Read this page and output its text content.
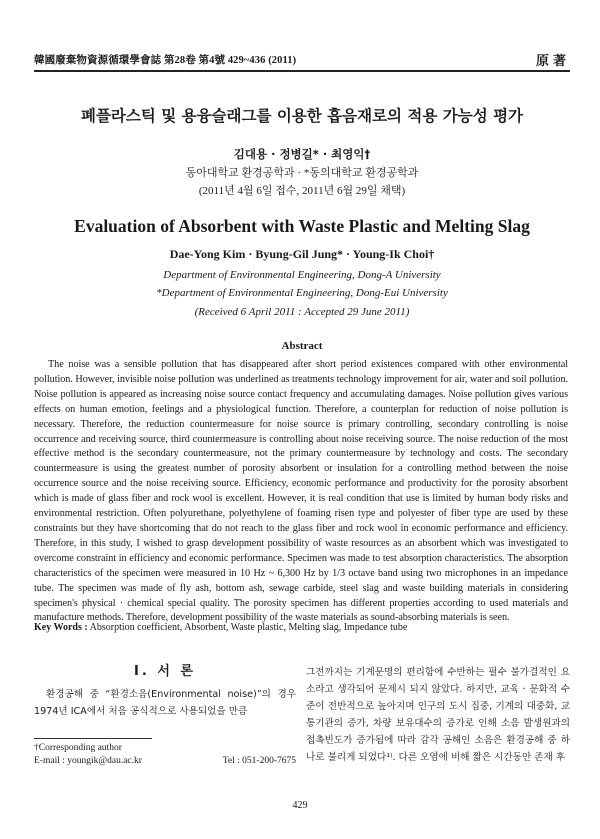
韓國廢棄物資源循環學會誌 第28卷 第4號 429~436 (2011)	原著
폐플라스틱 및 용융슬래그를 이용한 흡음재로의 적용 가능성 평가
김대용 · 정병길* · 최영익†
동아대학교 환경공학과 · *동의대학교 환경공학과
(2011년 4월 6일 접수, 2011년 6월 29일 채택)
Evaluation of Absorbent with Waste Plastic and Melting Slag
Dae-Yong Kim · Byung-Gil Jung* · Young-Ik Choi†
Department of Environmental Engineering, Dong-A University
*Department of Environmental Engineering, Dong-Eui University
(Received 6 April 2011 : Accepted 29 June 2011)
Abstract

The noise was a sensible pollution that has disappeared after short period existences compared with other environmental pollution. However, invisible noise pollution was underlined as treatments technology improvement for air, water and soil pollution. Noise pollution is appeared as increasing noise source contact frequency and accumulating damages. Noise pollution gives various effects on human emotion, feelings and a physiological function. Therefore, a counterplan for reduction of noise pollution is necessary. Therefore, the reduction countermeasure for noise source is primary controlling, secondary controlling is noise occurrence and receiving source, third countermeasure is controlling about noise receiving source. The noise reduction of the most effective method is the secondary countermeasure, not the primary countermeasure by technology and costs. The secondary countermeasure is using the greatest number of porosity absorbent or insulation for a controlling method between the noise occurrence source and the noise receiving source. Efficiency, economic performance and productivity for the porosity absorbent which is made of glass fiber and rock wool is excellent. However, it is real condition that use is limited by human body risks and environmental restriction. Often polyurethane, polyethylene of foaming risen type and polyester of fiber type are used by these constraints but they have shortcoming that do not reach to the glass fiber and rock wool in economic performance and efficiency. Therefore, in this study, I wished to grasp development possibility of waste resources as an absorbent which was investigated to overcome constraint in efficiency and economic performance. Specimen was made to test absorption characteristics. The absorption characteristics of the specimen were measured in 10 Hz ~ 6,300 Hz by 1/3 octave band using two microphones in an impedance tube. The specimen was made of fly ash, bottom ash, sewage carbide, steel slag and waste building materials in considering specimen's physical · chemical special quality. The porosity specimen has different properties according to used materials and manufacture methods. Therefore, development possibility of the waste materials as sound-absorbing materials is seen.

Key Words : Absorption coefficient, Absorbent, Waste plastic, Melting slag, Impedance tube
Ⅰ. 서 론

환경공해 중 “환경소음(Environmental noise)”의 경우 1974년 ICA에서 처음 공식적으로 사용되었을 만큼

†Corresponding author
E-mail : youngik@dau.ac.kr	Tel : 051-200-7675

그전까지는 기계문명의 편리함에 수반하는 필수 불가결적인 요소라고 생각되어 문제시 되지 않았다. 하지만, 교육 · 문화적 수준이 전반적으로 높아지며 인구의 도시 집중, 기계의 대중화, 교통기관의 증가, 차량 보유대수의 증가로 인해 소음 발생원과의 접촉빈도가 증가됨에 따라 감각 공해인 소음은 환경공해 중 하나로 불리게 되었다¹⁾. 다른 오염에 비해 짧은 시간동안 존재 후

429
